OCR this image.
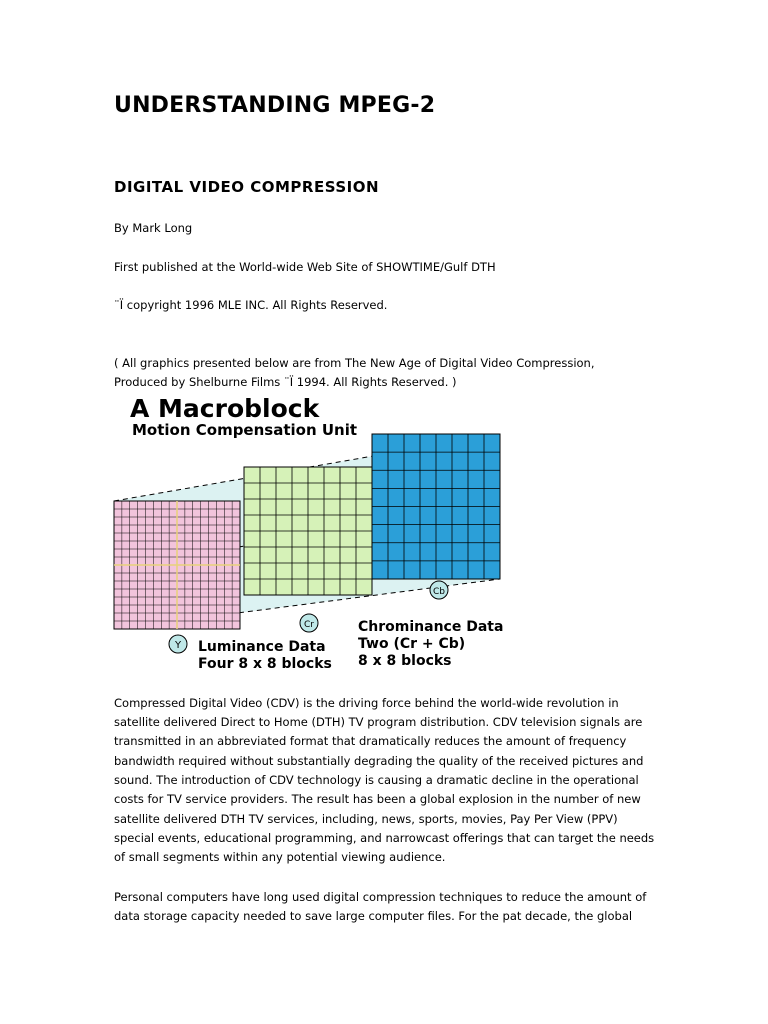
UNDERSTANDING MPEG-2
DIGITAL VIDEO COMPRESSION
By Mark Long
First published at the World-wide Web Site of SHOWTIME/Gulf DTH
¨Ï copyright 1996 MLE INC. All Rights Reserved.
( All graphics presented below are from The New Age of Digital Video Compression,
Produced by Shelburne Films ¨Ï 1994. All Rights Reserved. )
A Macroblock
Motion Compensation Unit
Y
Cr
Cb
Luminance Data
Four 8 x 8 blocks
Chrominance Data
Two (Cr + Cb)
8 x 8 blocks
Compressed Digital Video (CDV) is the driving force behind the world-wide revolution in
satellite delivered Direct to Home (DTH) TV program distribution. CDV television signals are
transmitted in an abbreviated format that dramatically reduces the amount of frequency
bandwidth required without substantially degrading the quality of the received pictures and
sound. The introduction of CDV technology is causing a dramatic decline in the operational
costs for TV service providers. The result has been a global explosion in the number of new
satellite delivered DTH TV services, including, news, sports, movies, Pay Per View (PPV)
special events, educational programming, and narrowcast offerings that can target the needs
of small segments within any potential viewing audience.
Personal computers have long used digital compression techniques to reduce the amount of
data storage capacity needed to save large computer files. For the pat decade, the global
